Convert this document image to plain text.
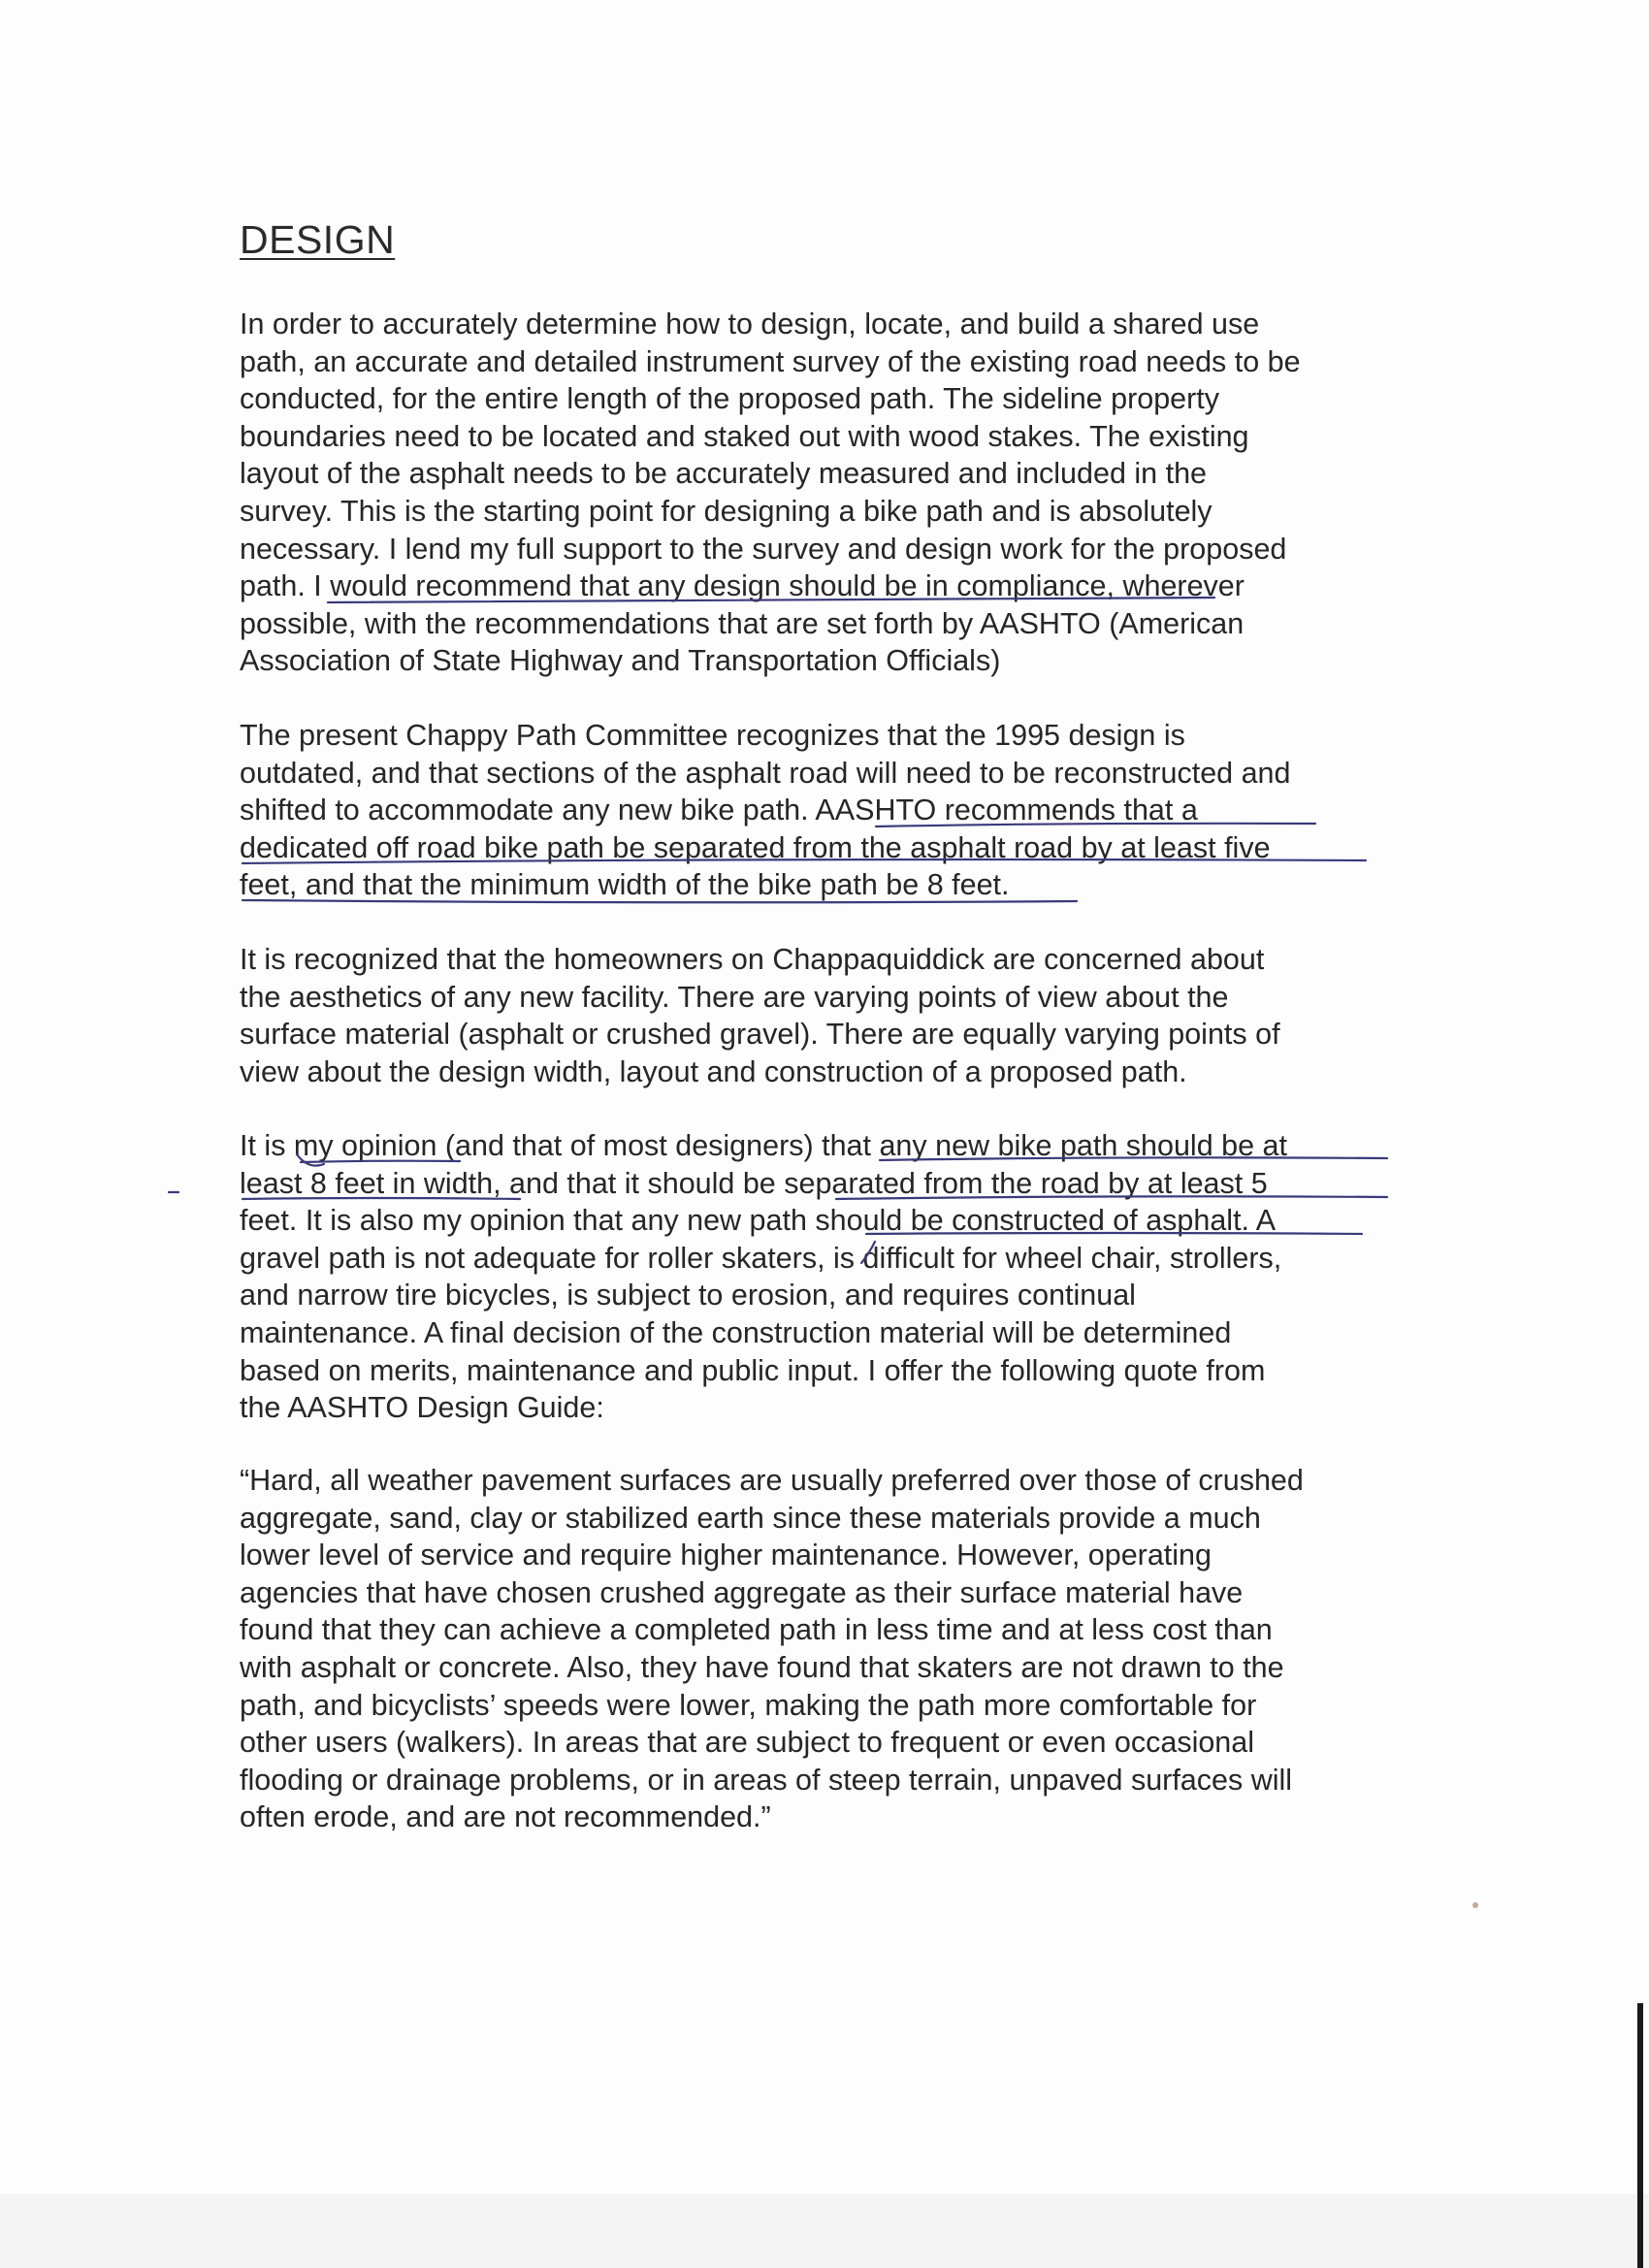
DESIGN

In order to accurately determine how to design, locate, and build a shared use
path, an accurate and detailed instrument survey of the existing road needs to be
conducted, for the entire length of the proposed path. The sideline property
boundaries need to be located and staked out with wood stakes. The existing
layout of the asphalt needs to be accurately measured and included in the
survey. This is the starting point for designing a bike path and is absolutely
necessary. I lend my full support to the survey and design work for the proposed
path. I would recommend that any design should be in compliance, wherever
possible, with the recommendations that are set forth by AASHTO (American
Association of State Highway and Transportation Officials)

The present Chappy Path Committee recognizes that the 1995 design is
outdated, and that sections of the asphalt road will need to be reconstructed and
shifted to accommodate any new bike path. AASHTO recommends that a
dedicated off road bike path be separated from the asphalt road by at least five
feet, and that the minimum width of the bike path be 8 feet.

It is recognized that the homeowners on Chappaquiddick are concerned about
the aesthetics of any new facility. There are varying points of view about the
surface material (asphalt or crushed gravel). There are equally varying points of
view about the design width, layout and construction of a proposed path.

It is my opinion (and that of most designers) that any new bike path should be at
least 8 feet in width, and that it should be separated from the road by at least 5
feet. It is also my opinion that any new path should be constructed of asphalt. A
gravel path is not adequate for roller skaters, is difficult for wheel chair, strollers,
and narrow tire bicycles, is subject to erosion, and requires continual
maintenance. A final decision of the construction material will be determined
based on merits, maintenance and public input. I offer the following quote from
the AASHTO Design Guide:

“Hard, all weather pavement surfaces are usually preferred over those of crushed
aggregate, sand, clay or stabilized earth since these materials provide a much
lower level of service and require higher maintenance. However, operating
agencies that have chosen crushed aggregate as their surface material have
found that they can achieve a completed path in less time and at less cost than
with asphalt or concrete. Also, they have found that skaters are not drawn to the
path, and bicyclists’ speeds were lower, making the path more comfortable for
other users (walkers). In areas that are subject to frequent or even occasional
flooding or drainage problems, or in areas of steep terrain, unpaved surfaces will
often erode, and are not recommended.”
